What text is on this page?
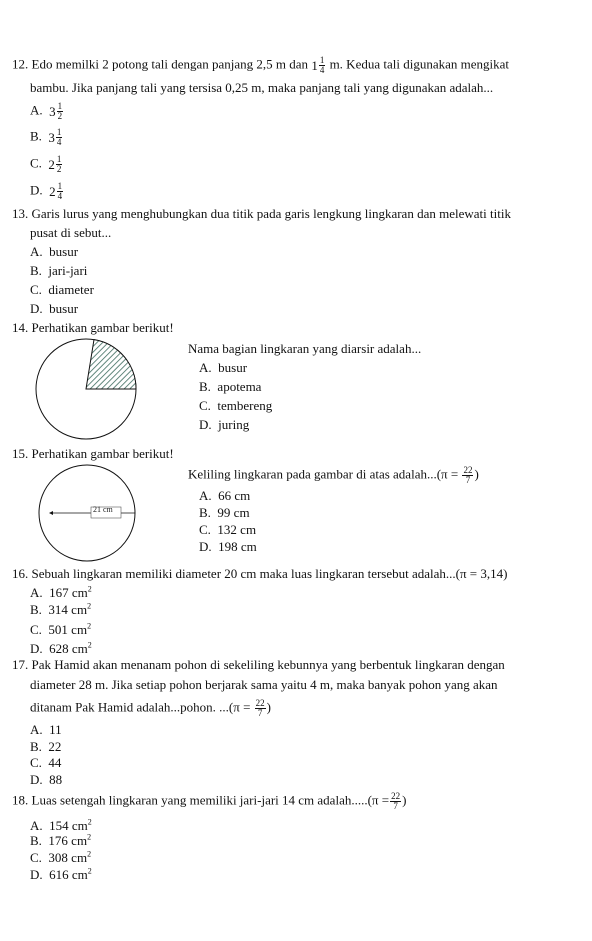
12. Edo memilki 2 potong tali dengan panjang 2,5 m dan $1 \frac{1}{4} m$. Kedua tali digunakan mengikat
bambu. Jika panjang tali yang tersisa 0,25 m, maka panjang tali yang digunakan adalah...
A. $3 \frac{1}{2}$
B. $3 \frac{1}{4}$
C. $2 \frac{1}{2}$
D. $2 \frac{1}{4}$
13. Garis lurus yang menghubungkan dua titik pada garis lengkung lingkaran dan melewati titik
pusat di sebut...
A. busur
B. jari-jari
C. diameter
D. busur
14. Perhatikan gambar berikut!
Nama bagian lingkaran yang diarsir adalah...
A. busur
B. apotema
C. tembereng
D. juring
15. Perhatikan gambar berikut!
21 cm
Keliling lingkaran pada gambar di atas adalah...(π = $\frac{22}{7}$ )
A. 66 cm
B. 99 cm
C. 132 cm
D. 198 cm
16. Sebuah lingkaran memiliki diameter 20 cm maka luas lingkaran tersebut adalah...(π = 3,14)
A. 167 $cm^2$
B. 314 $cm^2$
C. 501 $cm^2$
D. 628 $cm^2$
17. Pak Hamid akan menanam pohon di sekeliling kebunnya yang berbentuk lingkaran dengan
diameter 28 m. Jika setiap pohon berjarak sama yaitu 4 m, maka banyak pohon yang akan
ditanam Pak Hamid adalah...pohon. $...(\pi = \frac{22}{7}$ )
A. 11
B. 22
C. 44
D. 88
18. Luas setengah lingkaran yang memiliki jari-jari 14 cm adalah.....(π = $\frac{22}{7}$ )
A. 154 $cm^2$
B. 176 $cm^2$
C. 308 $cm^2$
D. 616 $cm^2$
